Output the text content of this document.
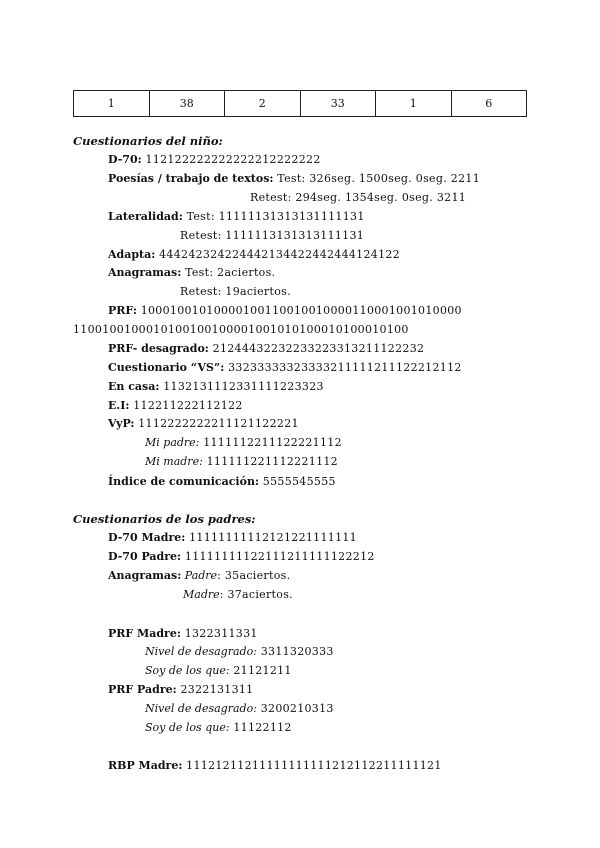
1	38	2	33	1	6
Cuestionarios del niño:
D-70: 112122222222222212222222
Poesías / trabajo de textos: Test: 326seg. 1500seg. 0seg. 2211
Retest: 294seg. 1354seg. 0seg. 3211
Lateralidad: Test: 11111131313131111131
Retest: 1111113131313111131
Adapta: 444242324224442134422442444124122
Anagramas: Test: 2aciertos.
Retest: 19aciertos.
PRF: 10001001010000100110010010000110001001010000
1100100100010100100100001001010100010100010100
PRF- desagrado: 21244432232233223313211122232
Cuestionario “VS”: 33233333323333211111211122212112
En casa: 1132131112331111223323
E.I: 112211222112122
VyP: 1112222222211121122221
Mi padre: 1111112211122221112
Mi madre: 111111221112221112
Índice de comunicación: 5555545555
Cuestionarios de los padres:
D-70 Madre: 11111111112121221111111
D-70 Padre: 11111111122111211111122212
Anagramas: Padre: 35aciertos.
Madre: 37aciertos.
PRF Madre: 1322311331
Nivel de desagrado: 3311320333
Soy de los que: 21121211
PRF Padre: 2322131311
Nivel de desagrado: 3200210313
Soy de los que: 11122112
RBP Madre: 11121211211111111111212112211111121
